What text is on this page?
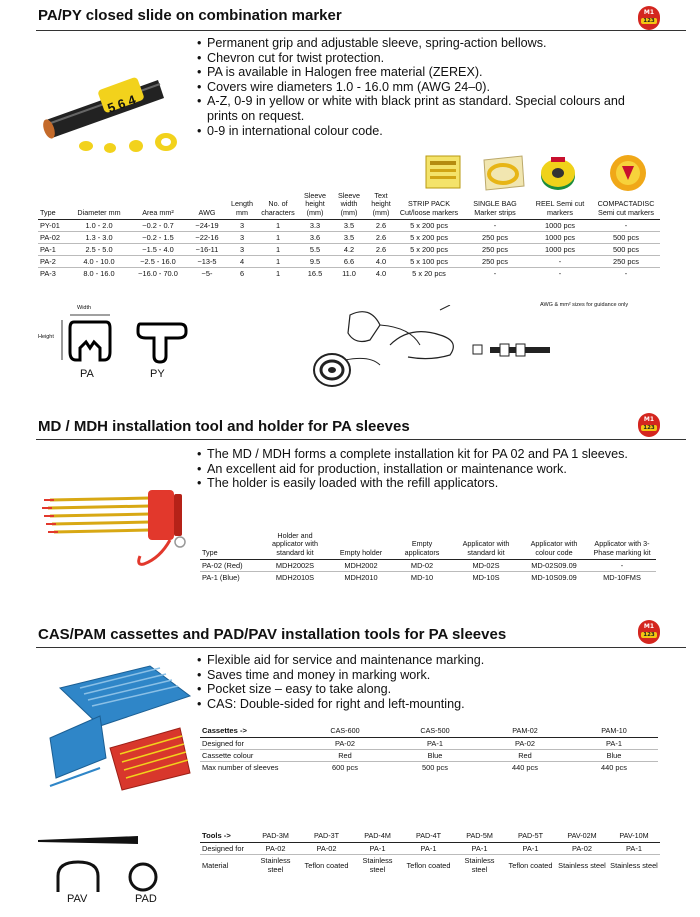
PA/PY closed slide on combination marker	M1
123
5 6 4
• Permanent grip and adjustable sleeve, spring-action bellows.
• Chevron cut for twist protection.
• PA is available in Halogen free material (ZEREX).
• Covers wire diameters 1.0 - 16.0 mm (AWG 24–0).
• A-Z, 0-9 in yellow or white with black print as standard. Special colours and prints on request.
• 0-9 in international colour code.
Type	Diameter mm	Area mm²	AWG	Length mm	No. of characters	Sleeve height (mm)	Sleeve width (mm)	Text height (mm)	STRIP PACK Cut/loose markers	SINGLE BAG Marker strips	REEL Semi cut markers	COMPACTADISC Semi cut markers
PY-01	1.0 - 2.0	~0.2 - 0.7	~24-19	3	1	3.3	3.5	2.6	5 x 200 pcs	-	1000 pcs	-
PA-02	1.3 - 3.0	~0.2 - 1.5	~22-16	3	1	3.6	3.5	2.6	5 x 200 pcs	250 pcs	1000 pcs	500 pcs
PA-1	2.5 - 5.0	~1.5 - 4.0	~16-11	3	1	5.5	4.2	2.6	5 x 200 pcs	250 pcs	1000 pcs	500 pcs
PA-2	4.0 - 10.0	~2.5 - 16.0	~13-5	4	1	9.5	6.6	4.0	5 x 100 pcs	250 pcs	-	250 pcs
PA-3	8.0 - 16.0	~16.0 - 70.0	~5-	6	1	16.5	11.0	4.0	5 x 20 pcs	-	-	-
AWG & mm² sizes for guidance only
Width
Height
PA	PY
MD / MDH installation tool and holder for PA sleeves	M1
123
• The MD / MDH forms a complete installation kit for PA 02 and PA 1 sleeves.
• An excellent aid for production, installation or maintenance work.
• The holder is easily loaded with the refill applicators.
Type	Holder and applicator with standard kit	Empty holder	Empty applicators	Applicator with standard kit	Applicator with colour code	Applicator with 3-Phase marking kit
PA-02 (Red)	MDH2002S	MDH2002	MD-02	MD-02S	MD-02S09.09	-
PA-1 (Blue)	MDH2010S	MDH2010	MD-10	MD-10S	MD-10S09.09	MD-10FMS
CAS/PAM cassettes and PAD/PAV installation tools for PA sleeves	M1
123
• Flexible aid for service and maintenance marking.
• Saves time and money in marking work.
• Pocket size – easy to take along.
• CAS: Double-sided for right and left-mounting.
Cassettes ->	CAS-600	CAS-500	PAM-02	PAM-10
Designed for	PA-02	PA-1	PA-02	PA-1
Cassette colour	Red	Blue	Red	Blue
Max number of sleeves	600 pcs	500 pcs	440 pcs	440 pcs
PAV	PAD
Tools ->	PAD-3M	PAD-3T	PAD-4M	PAD-4T	PAD-5M	PAD-5T	PAV-02M	PAV-10M
Designed for	PA-02	PA-02	PA-1	PA-1	PA-1	PA-1	PA-02	PA-1
Material	Stainless steel	Teflon coated	Stainless steel	Teflon coated	Stainless steel	Teflon coated	Stainless steel	Stainless steel
